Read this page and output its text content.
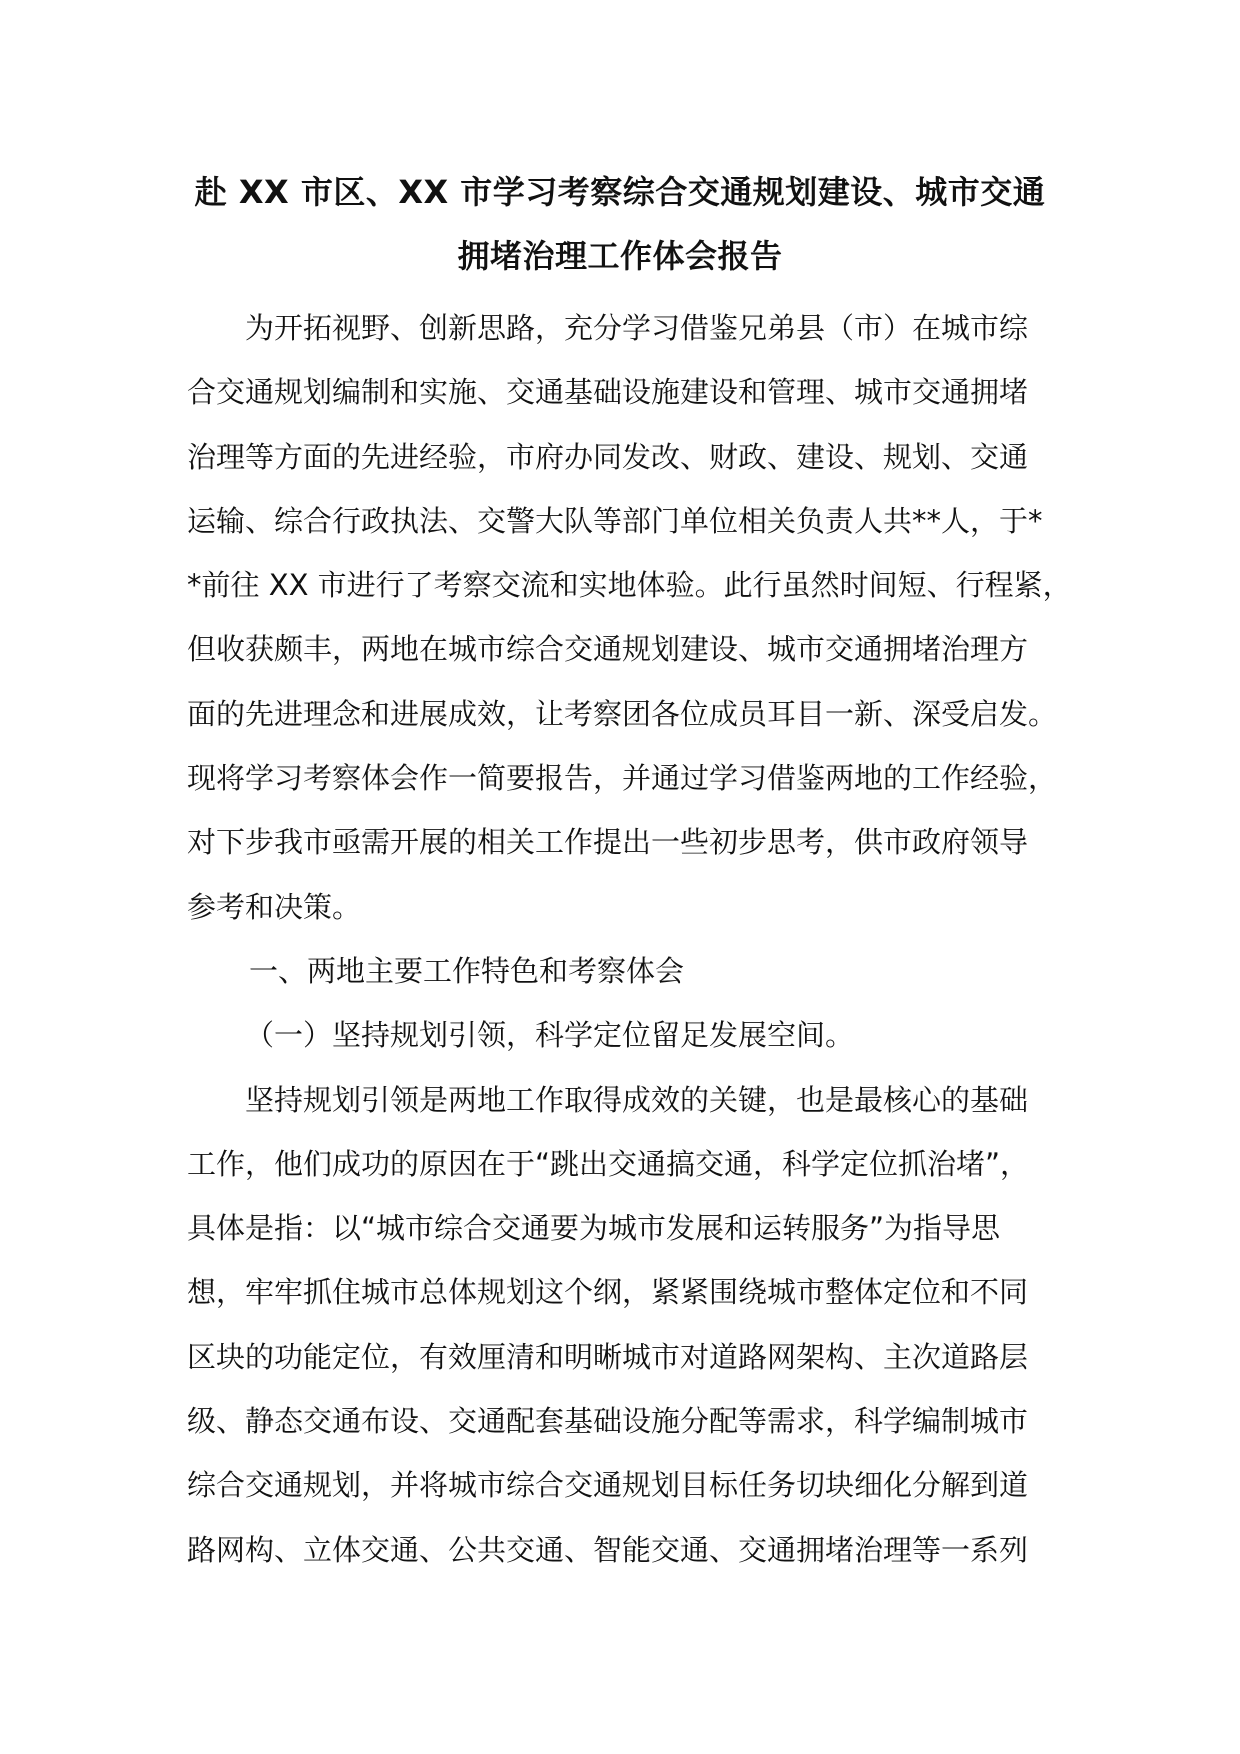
赴 XX 市区、XX 市学习考察综合交通规划建设、城市交通
拥堵治理工作体会报告
为开拓视野、创新思路，充分学习借鉴兄弟县（市）在城市综
合交通规划编制和实施、交通基础设施建设和管理、城市交通拥堵
治理等方面的先进经验，市府办同发改、财政、建设、规划、交通
运输、综合行政执法、交警大队等部门单位相关负责人共**人，于*
*前往 XX 市进行了考察交流和实地体验。此行虽然时间短、行程紧，
但收获颇丰，两地在城市综合交通规划建设、城市交通拥堵治理方
面的先进理念和进展成效，让考察团各位成员耳目一新、深受启发。
现将学习考察体会作一简要报告，并通过学习借鉴两地的工作经验，
对下步我市亟需开展的相关工作提出一些初步思考，供市政府领导
参考和决策。
一、两地主要工作特色和考察体会
（一）坚持规划引领，科学定位留足发展空间。
坚持规划引领是两地工作取得成效的关键，也是最核心的基础
工作，他们成功的原因在于“跳出交通搞交通，科学定位抓治堵”，
具体是指：以“城市综合交通要为城市发展和运转服务”为指导思
想，牢牢抓住城市总体规划这个纲，紧紧围绕城市整体定位和不同
区块的功能定位，有效厘清和明晰城市对道路网架构、主次道路层
级、静态交通布设、交通配套基础设施分配等需求，科学编制城市
综合交通规划，并将城市综合交通规划目标任务切块细化分解到道
路网构、立体交通、公共交通、智能交通、交通拥堵治理等一系列
